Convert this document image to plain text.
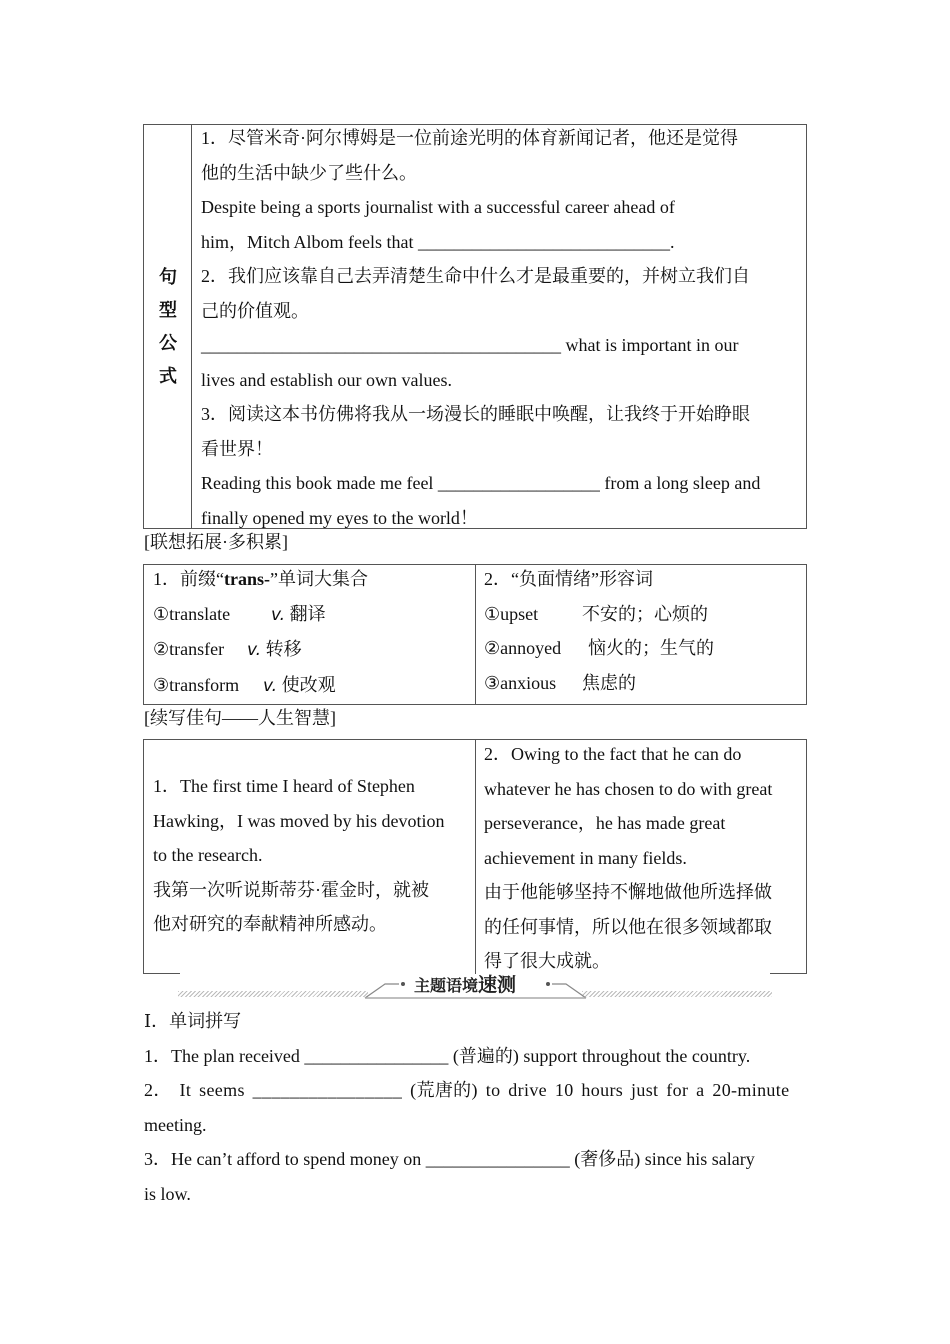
句
型
公
式
1．尽管米奇·阿尔博姆是一位前途光明的体育新闻记者，他还是觉得
他的生活中缺少了些什么。
Despite being a sports journalist with a successful career ahead of
him，Mitch Albom feels that ____________________________.
2．我们应该靠自己去弄清楚生命中什么才是最重要的，并树立我们自
己的价值观。
________________________________________ what is important in our
lives and establish our own values.
3．阅读这本书仿佛将我从一场漫长的睡眠中唤醒，让我终于开始睁眼
看世界！
Reading this book made me feel __________________ from a long sleep and
finally opened my eyes to the world！
[联想拓展·多积累]
1．前缀“trans-”单词大集合
①translate v. 翻译
②transfer v. 转移
③transform v. 使改观
2．“负面情绪”形容词
①upset 不安的；心烦的
②annoyed 恼火的；生气的
③anxious 焦虑的
[续写佳句——人生智慧]
1．The first time I heard of Stephen
Hawking，I was moved by his devotion
to the research.
我第一次听说斯蒂芬·霍金时，就被
他对研究的奉献精神所感动。
2．Owing to the fact that he can do
whatever he has chosen to do with great
perseverance，he has made great
achievement in many fields.
由于他能够坚持不懈地做他所选择做
的任何事情，所以他在很多领域都取
得了很大成就。
主题语境速测
Ⅰ．单词拼写
1．The plan received ________________ (普遍的) support throughout the country.
2． It seems ________________ (荒唐的) to drive 10 hours just for a 20-minute
meeting.
3．He can’t afford to spend money on ________________ (奢侈品) since his salary
is low.
